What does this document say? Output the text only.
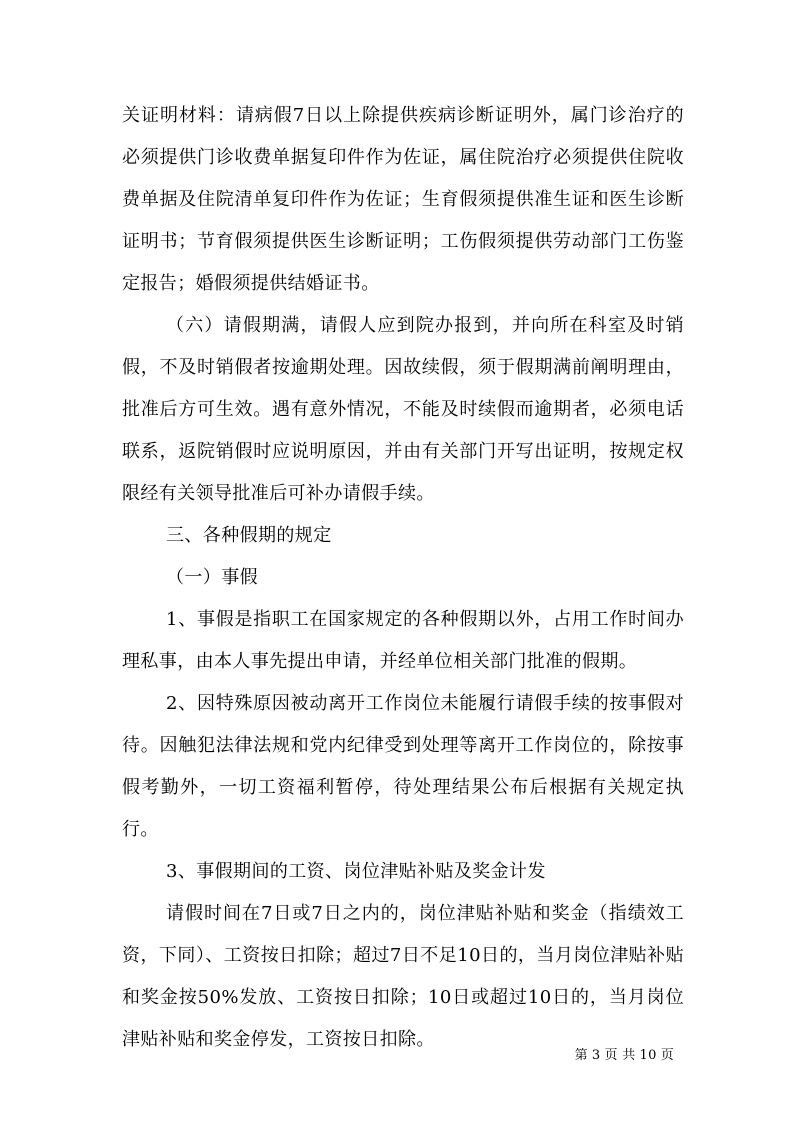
关证明材料：请病假7日以上除提供疾病诊断证明外，属门诊治疗的必须提供门诊收费单据复印件作为佐证，属住院治疗必须提供住院收费单据及住院清单复印件作为佐证；生育假须提供准生证和医生诊断证明书；节育假须提供医生诊断证明；工伤假须提供劳动部门工伤鉴定报告；婚假须提供结婚证书。

（六）请假期满，请假人应到院办报到，并向所在科室及时销假，不及时销假者按逾期处理。因故续假，须于假期满前阐明理由，批准后方可生效。遇有意外情况，不能及时续假而逾期者，必须电话联系，返院销假时应说明原因，并由有关部门开写出证明，按规定权限经有关领导批准后可补办请假手续。

三、各种假期的规定

（一）事假

1、事假是指职工在国家规定的各种假期以外，占用工作时间办理私事，由本人事先提出申请，并经单位相关部门批准的假期。

2、因特殊原因被动离开工作岗位未能履行请假手续的按事假对待。因触犯法律法规和党内纪律受到处理等离开工作岗位的，除按事假考勤外，一切工资福利暂停，待处理结果公布后根据有关规定执行。

3、事假期间的工资、岗位津贴补贴及奖金计发

请假时间在7日或7日之内的，岗位津贴补贴和奖金（指绩效工资，下同）、工资按日扣除；超过7日不足10日的，当月岗位津贴补贴和奖金按50%发放、工资按日扣除；10日或超过10日的，当月岗位津贴补贴和奖金停发，工资按日扣除。

第 3 页 共 10 页
